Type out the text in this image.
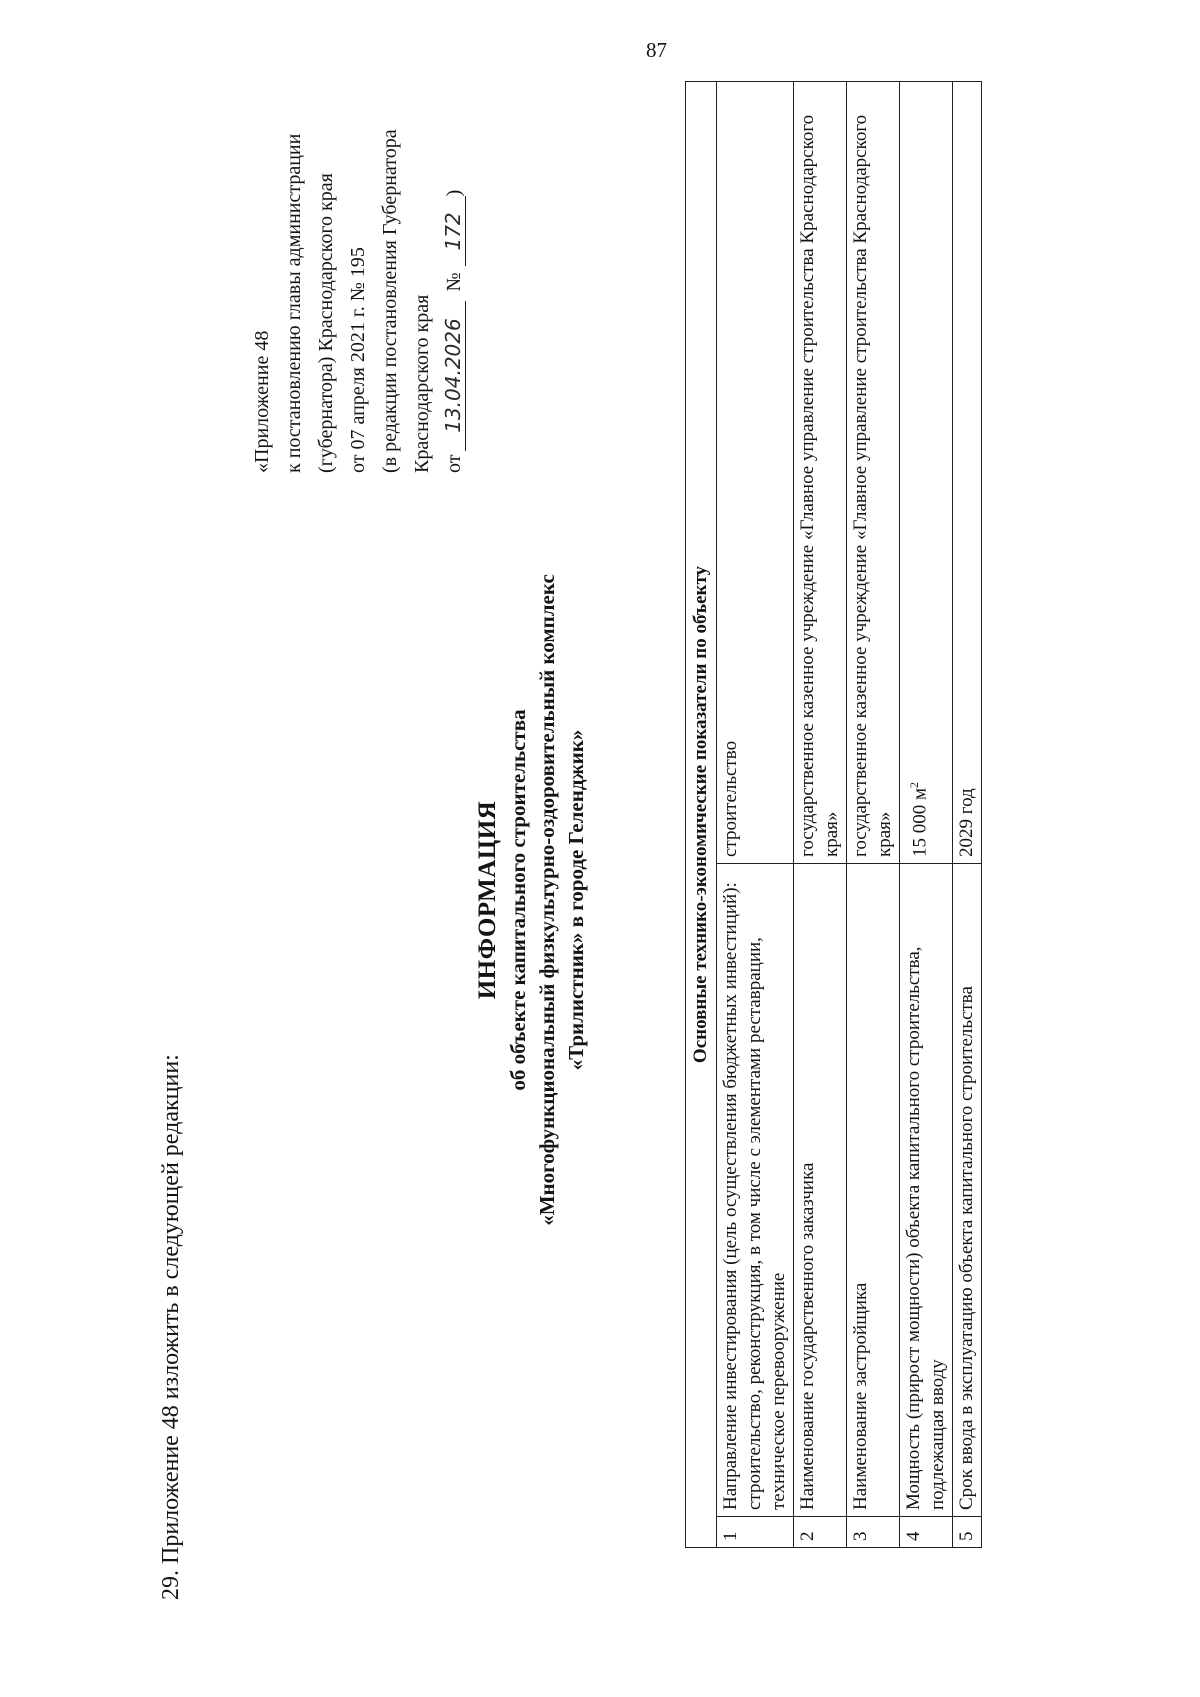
87
29. Приложение 48 изложить в следующей редакции:
«Приложение 48 к постановлению главы администрации (губернатора) Краснодарского края от 07 апреля 2021 г. № 195 (в редакции постановления Губернатора Краснодарского края от13.04.2026 №172)
ИНФОРМАЦИЯ об объекте капитального строительства «Многофункциональный физкультурно-оздоровительный комплекс «Трилистник» в городе Геленджик»	Основные технико-экономические показатели по объекту		
1	Направление инвестирования (цель осуществления бюджетных инвестиций): строительство, реконструкция, в том числе с элементами реставрации, техническое перевооружение	строительство
2	Наименование государственного заказчика	государственное казенное учреждение «Главное управление строительства Краснодарского края»
3	Наименование застройщика	государственное казенное учреждение «Главное управление строительства Краснодарского края»
4	Мощность (прирост мощности) объекта капитального строительства, подлежащая вводу	15 000 $м^2$
5	Срок ввода в эксплуатацию объекта капитального строительства	2029 год
